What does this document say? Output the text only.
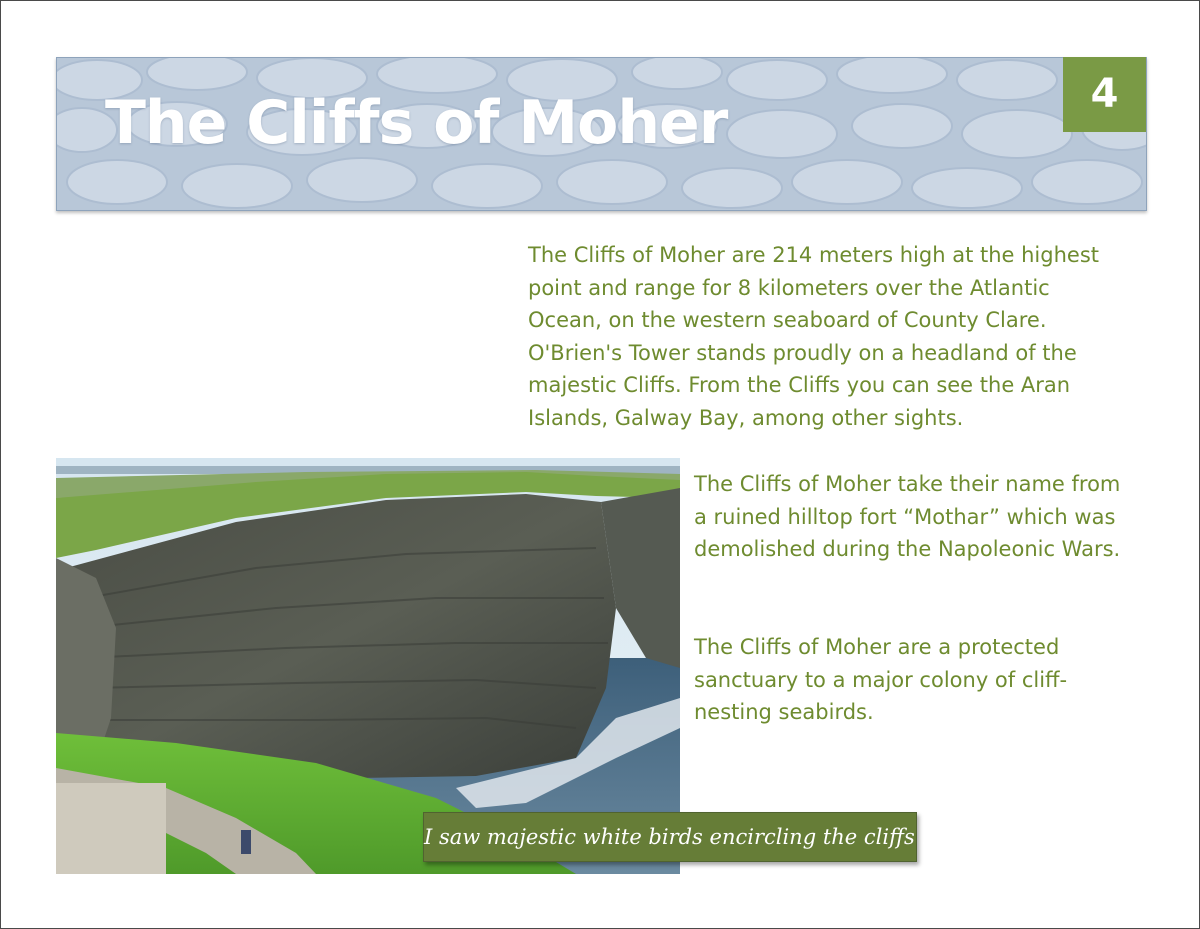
The Cliffs of Moher	4

The Cliffs of Moher are 214 meters high at the highest point and range for 8 kilometers over the Atlantic Ocean, on the western seaboard of County Clare. O'Brien's Tower stands proudly on a headland of the majestic Cliffs. From the Cliffs you can see the Aran Islands, Galway Bay, among other sights.

The Cliffs of Moher take their name from a ruined hilltop fort “Mothar” which was demolished during the Napoleonic Wars.

The Cliffs of Moher are a protected sanctuary to a major colony of cliff-nesting seabirds.

I saw majestic white birds encircling the cliffs !
